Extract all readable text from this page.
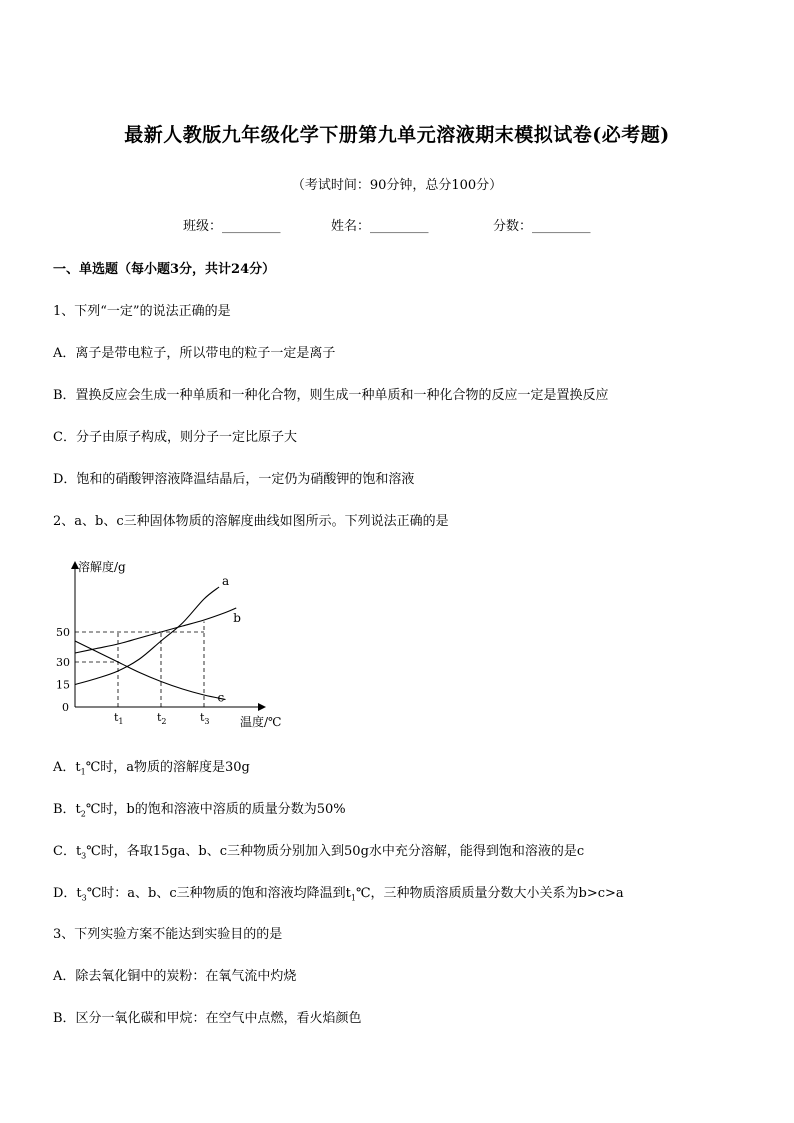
最新人教版九年级化学下册第九单元溶液期末模拟试卷(必考题)
（考试时间：90分钟，总分100分）
班级：_________	姓名：_________	分数：_________
一、单选题（每小题3分，共计24分）
1、下列“一定”的说法正确的是
A．离子是带电粒子，所以带电的粒子一定是离子
B．置换反应会生成一种单质和一种化合物，则生成一种单质和一种化合物的反应一定是置换反应
C．分子由原子构成，则分子一定比原子大
D．饱和的硝酸钾溶液降温结晶后，一定仍为硝酸钾的饱和溶液
2、a、b、c三种固体物质的溶解度曲线如图所示。下列说法正确的是
a
b
c
溶解度/g
温度/℃
0
15
30
50
$t_1$	$t_2$	$t_3$
A．$t_1℃$时，a物质的溶解度是30g
B．$t_2℃$时，b的饱和溶液中溶质的质量分数为50%
C．$t_3℃$时，各取15ga、b、c三种物质分别加入到50g水中充分溶解，能得到饱和溶液的是c
D．$t_3℃$时：a、b、c三种物质的饱和溶液均降温到$t_1℃$，三种物质溶质质量分数大小关系为b>c>a
3、下列实验方案不能达到实验目的的是
A．除去氧化铜中的炭粉：在氧气流中灼烧
B．区分一氧化碳和甲烷：在空气中点燃，看火焰颜色
